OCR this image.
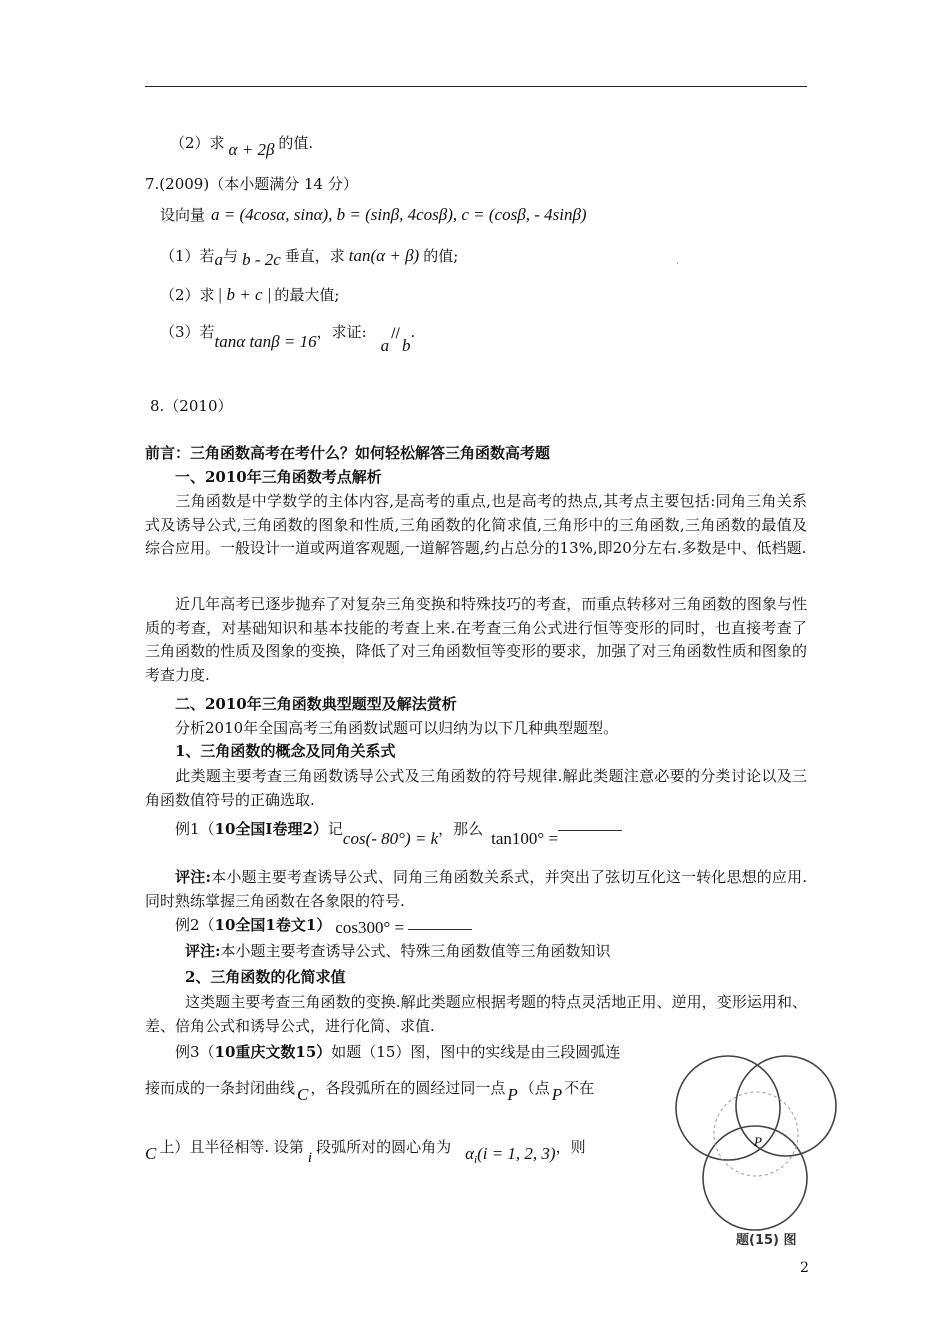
（2）求 α + 2β 的值.
7.(2009)（本小题满分 14 分）
设向量 a = (4cosα, sinα), b = (sinβ, 4cosβ), c = (cosβ, - 4sinβ)
（1）若a与 b - 2c 垂直，求 tan(α + β) 的值;	.
（2）求 | b + c | 的最大值;
（3）若tanα tanβ = 16，求证:a//b.
8.（2010）
前言：三角函数高考在考什么？如何轻松解答三角函数高考题
一、2010年三角函数考点解析
三角函数是中学数学的主体内容,是高考的重点,也是高考的热点,其考点主要包括:同角三角关系式及诱导公式,三角函数的图象和性质,三角函数的化简求值,三角形中的三角函数,三角函数的最值及综合应用。一般设计一道或两道客观题,一道解答题,约占总分的13%,即20分左右.多数是中、低档题.
近几年高考已逐步抛弃了对复杂三角变换和特殊技巧的考查，而重点转移对三角函数的图象与性质的考查，对基础知识和基本技能的考查上来.在考查三角公式进行恒等变形的同时，也直接考查了三角函数的性质及图象的变换，降低了对三角函数恒等变形的要求，加强了对三角函数性质和图象的考查力度.
二、2010年三角函数典型题型及解法赏析
分析2010年全国高考三角函数试题可以归纳为以下几种典型题型。
1、三角函数的概念及同角关系式
此类题主要考查三角函数诱导公式及三角函数的符号规律.解此类题注意必要的分类讨论以及三角函数值符号的正确选取.
例1（10全国Ⅰ卷理2）记cos(- 80°) = k，那么 tan100° =
评注:本小题主要考查诱导公式、同角三角函数关系式，并突出了弦切互化这一转化思想的应用. 同时熟练掌握三角函数在各象限的符号.
例2（10全国1卷文1） cos300° =
评注:本小题主要考查诱导公式、特殊三角函数值等三角函数知识
2、三角函数的化简求值
这类题主要考查三角函数的变换.解此类题应根据考题的特点灵活地正用、逆用，变形运用和、差、倍角公式和诱导公式，进行化简、求值.
例3（10重庆文数15）如题（15）图，图中的实线是由三段圆弧连
接而成的一条封闭曲线 C ，各段弧所在的圆经过同一点 P （点 P 不在
C 上）且半径相等. 设第i段弧所对的圆心角为 $\alpha_i(i = 1$, 2, 3)，则	P
题(15) 图
2
